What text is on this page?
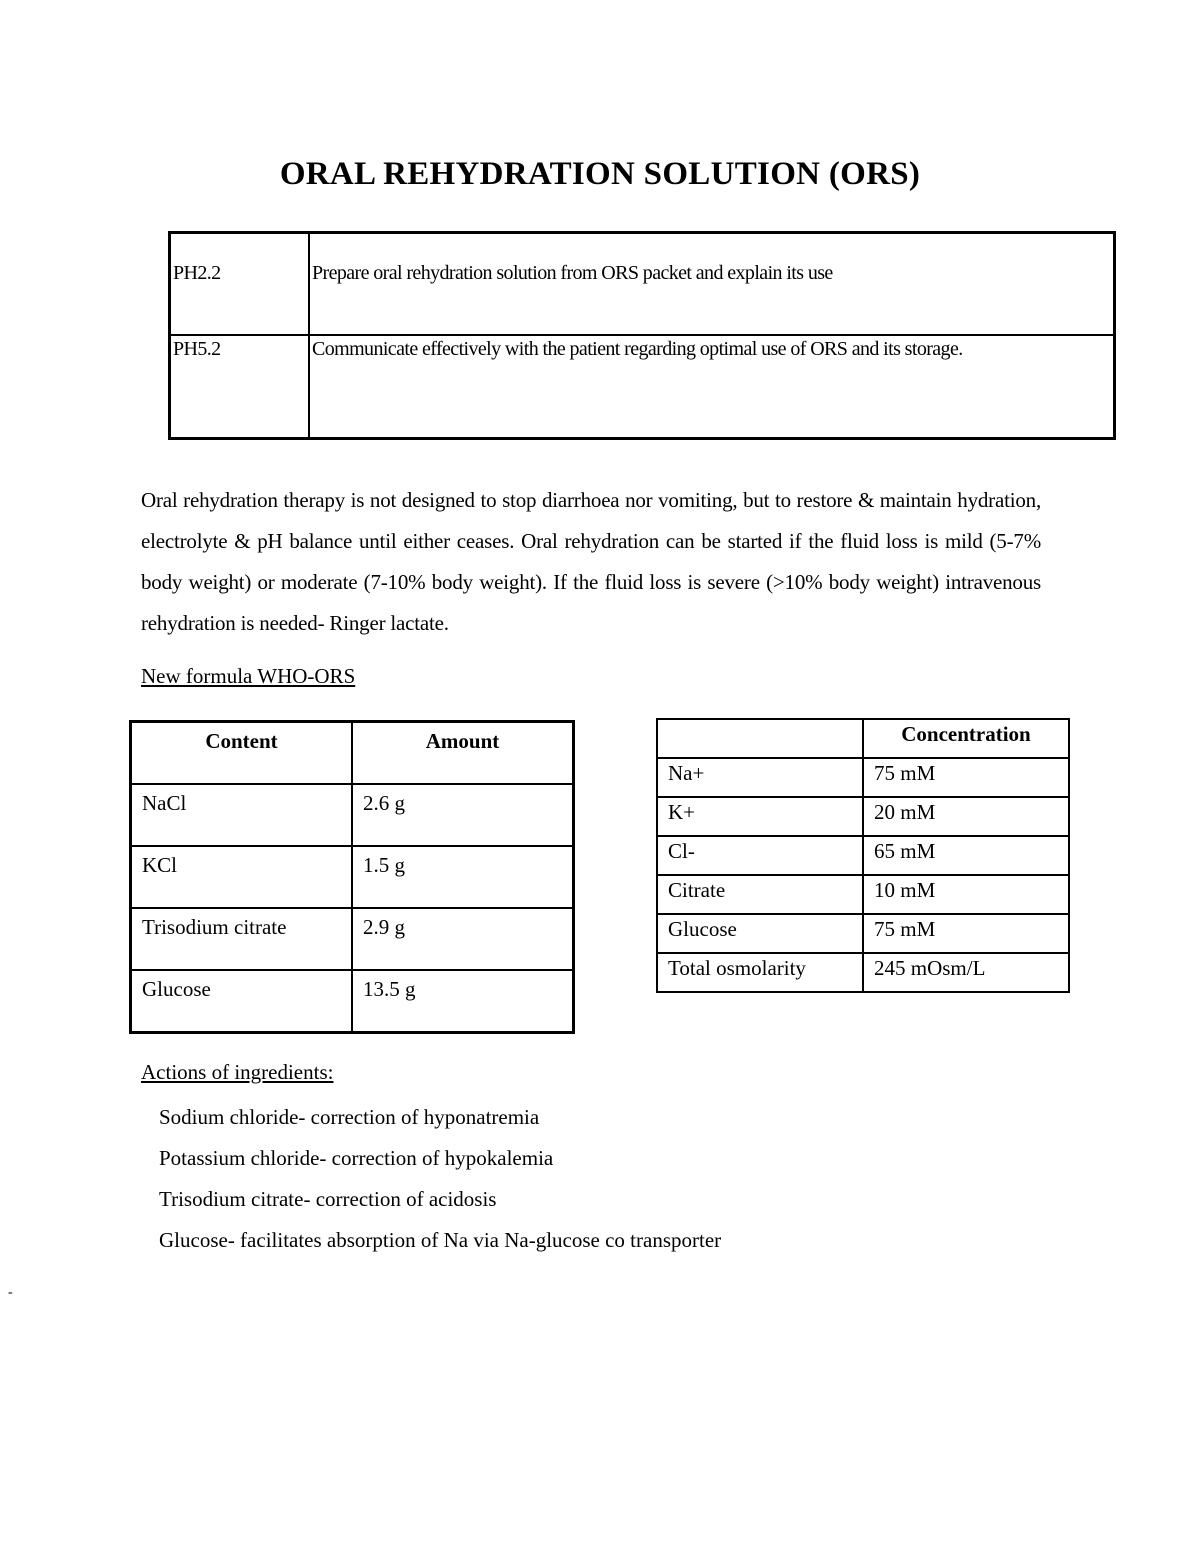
ORAL REHYDRATION SOLUTION (ORS)
PH2.2	Prepare oral rehydration solution from ORS packet and explain its use
PH5.2	Communicate effectively with the patient regarding optimal use of ORS and its storage.
Oral rehydration therapy is not designed to stop diarrhoea nor vomiting, but to restore & maintain hydration, electrolyte & pH balance until either ceases. Oral rehydration can be started if the fluid loss is mild (5-7% body weight) or moderate (7-10% body weight). If the fluid loss is severe (>10% body weight) intravenous rehydration is needed- Ringer lactate.
New formula WHO-ORS
Content	Amount
NaCl	2.6 g
KCl	1.5 g
Trisodium citrate	2.9 g
Glucose	13.5 g
	Concentration
Na+	75 mM
K+	20 mM
Cl-	65 mM
Citrate	10 mM
Glucose	75 mM
Total osmolarity	245 mOsm/L
Actions of ingredients:
Sodium chloride- correction of hyponatremia
Potassium chloride- correction of hypokalemia
Trisodium citrate- correction of acidosis
Glucose- facilitates absorption of Na via Na-glucose co transporter
-
